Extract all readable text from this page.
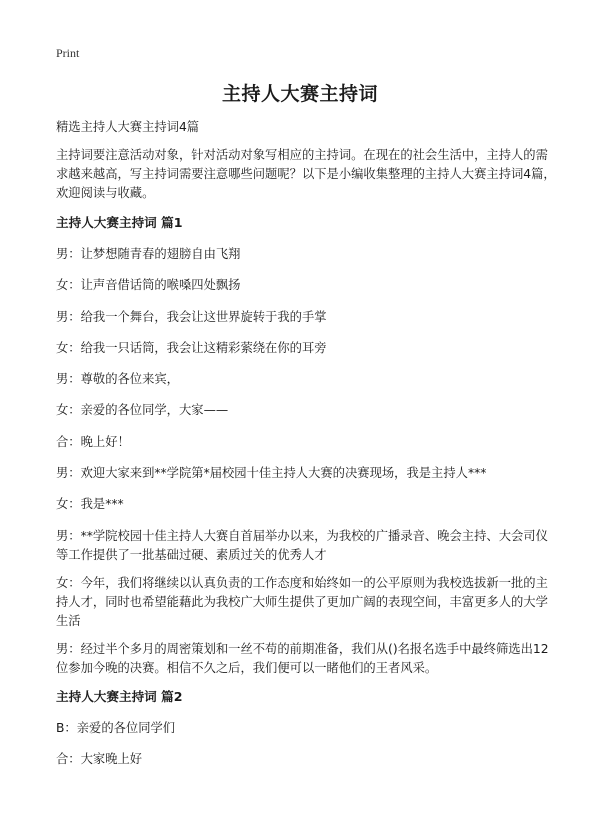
Print
主持人大赛主持词

精选主持人大赛主持词4篇

主持词要注意活动对象，针对活动对象写相应的主持词。在现在的社会生活中，主持人的需求越来越高，写主持词需要注意哪些问题呢？以下是小编收集整理的主持人大赛主持词4篇，欢迎阅读与收藏。

主持人大赛主持词 篇1

男：让梦想随青春的翅膀自由飞翔

女：让声音借话筒的喉嗓四处飘扬

男：给我一个舞台，我会让这世界旋转于我的手掌

女：给我一只话筒，我会让这精彩萦绕在你的耳旁

男：尊敬的各位来宾，

女：亲爱的各位同学，大家——

合：晚上好！

男：欢迎大家来到**学院第*届校园十佳主持人大赛的决赛现场，我是主持人***

女：我是***

男：**学院校园十佳主持人大赛自首届举办以来，为我校的广播录音、晚会主持、大会司仪等工作提供了一批基础过硬、素质过关的优秀人才

女：今年，我们将继续以认真负责的工作态度和始终如一的公平原则为我校选拔新一批的主持人才，同时也希望能藉此为我校广大师生提供了更加广阔的表现空间，丰富更多人的大学生活

男：经过半个多月的周密策划和一丝不苟的前期准备，我们从()名报名选手中最终筛选出12位参加今晚的决赛。相信不久之后，我们便可以一睹他们的王者风采。

主持人大赛主持词 篇2

B：亲爱的各位同学们

合：大家晚上好
